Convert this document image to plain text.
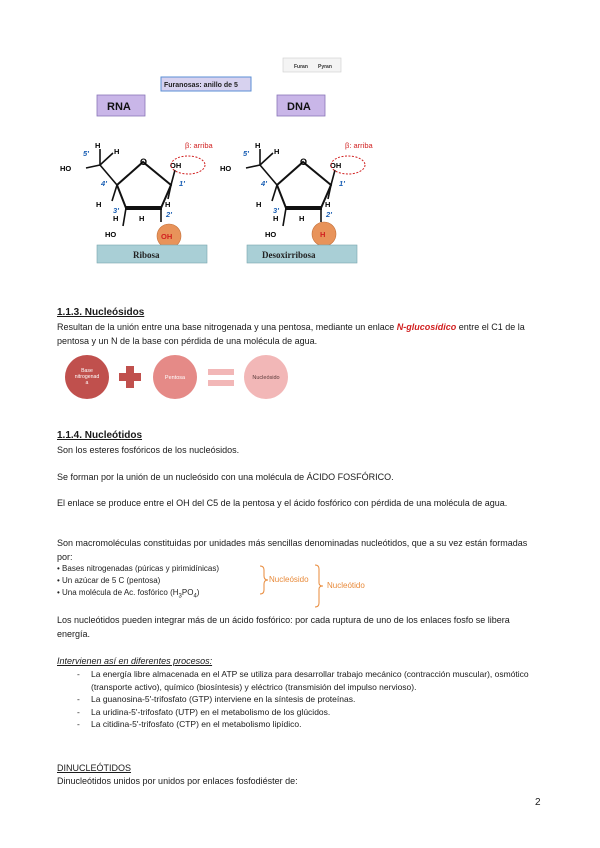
Furan Pyran
Furanosas: anillo de 5
RNA	DNA
H
H
HO
5'
O
4'
H
OH
H
1'
H
3'
HO
2'
H
OH
β: arriba	H
H
HO
5'
O
4'
H
OH
H
1'
H
3'
HO
2'
H
H
β: arriba
Ribosa	Desoxirribosa

1.1.3. Nucleósidos

Resultan de la unión entre una base nitrogenada y una pentosa, mediante un enlace N-glucosídico entre el C1 de la pentosa y un N de la base con pérdida de una molécula de agua.

Base nitrogenad a
Pentosa	Nucleósido

1.1.4. Nucleótidos

Son los esteres fosfóricos de los nucleósidos.

Se forman por la unión de un nucleósido con una molécula de ÁCIDO FOSFÓRICO.

El enlace se produce entre el OH del C5 de la pentosa y el ácido fosfórico con pérdida de una molécula de agua.

Son macromoléculas constituidas por unidades más sencillas denominadas nucleótidos, que a su vez están formadas por:

• Bases nitrogenadas (púricas y pirimidínicas)
• Un azúcar de 5 C (pentosa)
• Una molécula de Ac. fosfórico $(H_3PO_4)$
Nucleósido
Nucleótido

Los nucleótidos pueden integrar más de un ácido fosfórico: por cada ruptura de uno de los enlaces fosfo se libera energía.

Intervienen así en diferentes procesos:

- La energía libre almacenada en el ATP se utiliza para desarrollar trabajo mecánico (contracción muscular), osmótico (transporte activo), químico (biosíntesis) y eléctrico (transmisión del impulso nervioso).
- La guanosina-5'-trifosfato (GTP) interviene en la síntesis de proteínas.
- La uridina-5'-trifosfato (UTP) en el metabolismo de los glúcidos.
- La citidina-5'-trifosfato (CTP) en el metabolismo lipídico.

DINUCLEÓTIDOS

Dinucleótidos unidos por unidos por enlaces fosfodiéster de:

2
